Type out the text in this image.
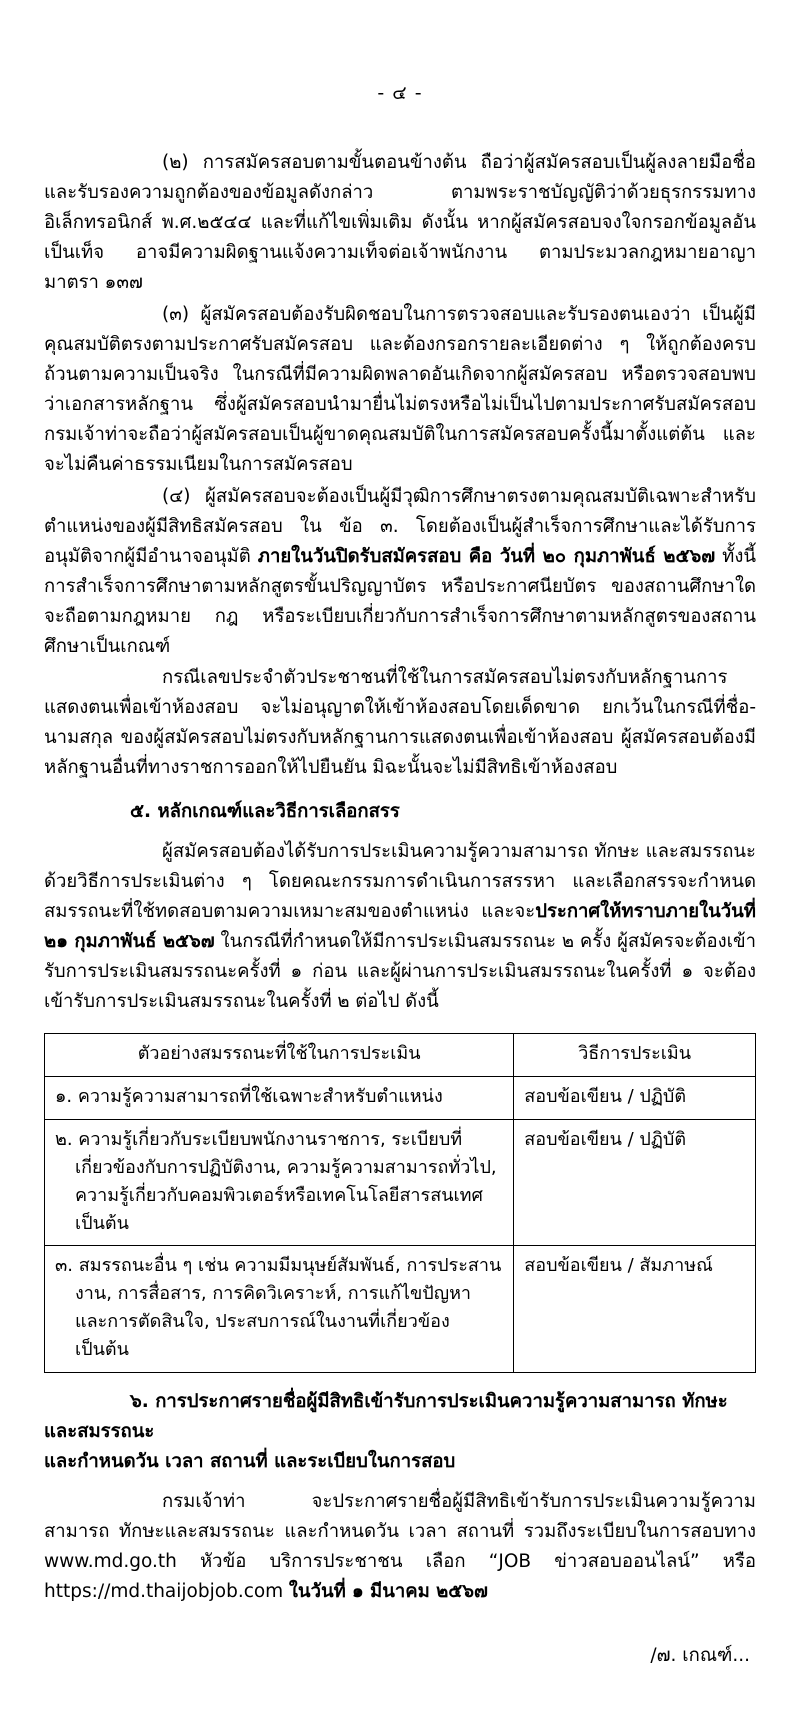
- ๔ -

(๒) การสมัครสอบตามขั้นตอนข้างต้น ถือว่าผู้สมัครสอบเป็นผู้ลงลายมือชื่อ และรับรองความถูกต้องของข้อมูลดังกล่าว ตามพระราชบัญญัติว่าด้วยธุรกรรมทางอิเล็กทรอนิกส์ พ.ศ.๒๕๔๔ และที่แก้ไขเพิ่มเติม ดังนั้น หากผู้สมัครสอบจงใจกรอกข้อมูลอันเป็นเท็จ อาจมีความผิดฐานแจ้งความเท็จต่อเจ้าพนักงาน ตามประมวลกฎหมายอาญามาตรา ๑๓๗

(๓) ผู้สมัครสอบต้องรับผิดชอบในการตรวจสอบและรับรองตนเองว่า เป็นผู้มีคุณสมบัติตรงตามประกาศรับสมัครสอบ และต้องกรอกรายละเอียดต่าง ๆ ให้ถูกต้องครบถ้วนตามความเป็นจริง ในกรณีที่มีความผิดพลาดอันเกิดจากผู้สมัครสอบ หรือตรวจสอบพบว่าเอกสารหลักฐาน ซึ่งผู้สมัครสอบนำมายื่นไม่ตรงหรือไม่เป็นไปตามประกาศรับสมัครสอบ กรมเจ้าท่าจะถือว่าผู้สมัครสอบเป็นผู้ขาดคุณสมบัติในการสมัครสอบครั้งนี้มาตั้งแต่ต้น และจะไม่คืนค่าธรรมเนียมในการสมัครสอบ

(๔) ผู้สมัครสอบจะต้องเป็นผู้มีวุฒิการศึกษาตรงตามคุณสมบัติเฉพาะสำหรับตำแหน่งของผู้มีสิทธิสมัครสอบ ใน ข้อ ๓. โดยต้องเป็นผู้สำเร็จการศึกษาและได้รับการอนุมัติจากผู้มีอำนาจอนุมัติ ภายในวันปิดรับสมัครสอบ คือ วันที่ ๒๐ กุมภาพันธ์ ๒๕๖๗ ทั้งนี้ การสำเร็จการศึกษาตามหลักสูตรขั้นปริญญาบัตร หรือประกาศนียบัตร ของสถานศึกษาใด จะถือตามกฎหมาย กฎ หรือระเบียบเกี่ยวกับการสำเร็จการศึกษาตามหลักสูตรของสถานศึกษาเป็นเกณฑ์

กรณีเลขประจำตัวประชาชนที่ใช้ในการสมัครสอบไม่ตรงกับหลักฐานการแสดงตนเพื่อเข้าห้องสอบ จะไม่อนุญาตให้เข้าห้องสอบโดยเด็ดขาด ยกเว้นในกรณีที่ชื่อ-นามสกุล ของผู้สมัครสอบไม่ตรงกับหลักฐานการแสดงตนเพื่อเข้าห้องสอบ ผู้สมัครสอบต้องมีหลักฐานอื่นที่ทางราชการออกให้ไปยืนยัน มิฉะนั้นจะไม่มีสิทธิเข้าห้องสอบ

๕. หลักเกณฑ์และวิธีการเลือกสรร

ผู้สมัครสอบต้องได้รับการประเมินความรู้ความสามารถ ทักษะ และสมรรถนะ ด้วยวิธีการประเมินต่าง ๆ โดยคณะกรรมการดำเนินการสรรหา และเลือกสรรจะกำหนดสมรรถนะที่ใช้ทดสอบตามความเหมาะสมของตำแหน่ง และจะประกาศให้ทราบภายในวันที่ ๒๑ กุมภาพันธ์ ๒๕๖๗ ในกรณีที่กำหนดให้มีการประเมินสมรรถนะ ๒ ครั้ง ผู้สมัครจะต้องเข้ารับการประเมินสมรรถนะครั้งที่ ๑ ก่อน และผู้ผ่านการประเมินสมรรถนะในครั้งที่ ๑ จะต้องเข้ารับการประเมินสมรรถนะในครั้งที่ ๒ ต่อไป ดังนี้

ตัวอย่างสมรรถนะที่ใช้ในการประเมิน	วิธีการประเมิน

๑. ความรู้ความสามารถที่ใช้เฉพาะสำหรับตำแหน่ง	สอบข้อเขียน / ปฏิบัติ

๒. ความรู้เกี่ยวกับระเบียบพนักงานราชการ, ระเบียบที่เกี่ยวข้องกับการปฏิบัติงาน, ความรู้ความสามารถทั่วไป, ความรู้เกี่ยวกับคอมพิวเตอร์หรือเทคโนโลยีสารสนเทศ เป็นต้น	สอบข้อเขียน / ปฏิบัติ

๓. สมรรถนะอื่น ๆ เช่น ความมีมนุษย์สัมพันธ์, การประสานงาน, การสื่อสาร, การคิดวิเคราะห์, การแก้ไขปัญหาและการตัดสินใจ, ประสบการณ์ในงานที่เกี่ยวข้อง เป็นต้น	สอบข้อเขียน / สัมภาษณ์
๖. การประกาศรายชื่อผู้มีสิทธิเข้ารับการประเมินความรู้ความสามารถ ทักษะ และสมรรถนะ
และกำหนดวัน เวลา สถานที่ และระเบียบในการสอบ

กรมเจ้าท่า จะประกาศรายชื่อผู้มีสิทธิเข้ารับการประเมินความรู้ความสามารถ ทักษะและสมรรถนะ และกำหนดวัน เวลา สถานที่ รวมถึงระเบียบในการสอบทาง www.md.go.th หัวข้อ บริการประชาชน เลือก “JOB ข่าวสอบออนไลน์” หรือ https://md.thaijobjob.com ในวันที่ ๑ มีนาคม ๒๕๖๗

/๗. เกณฑ์...
